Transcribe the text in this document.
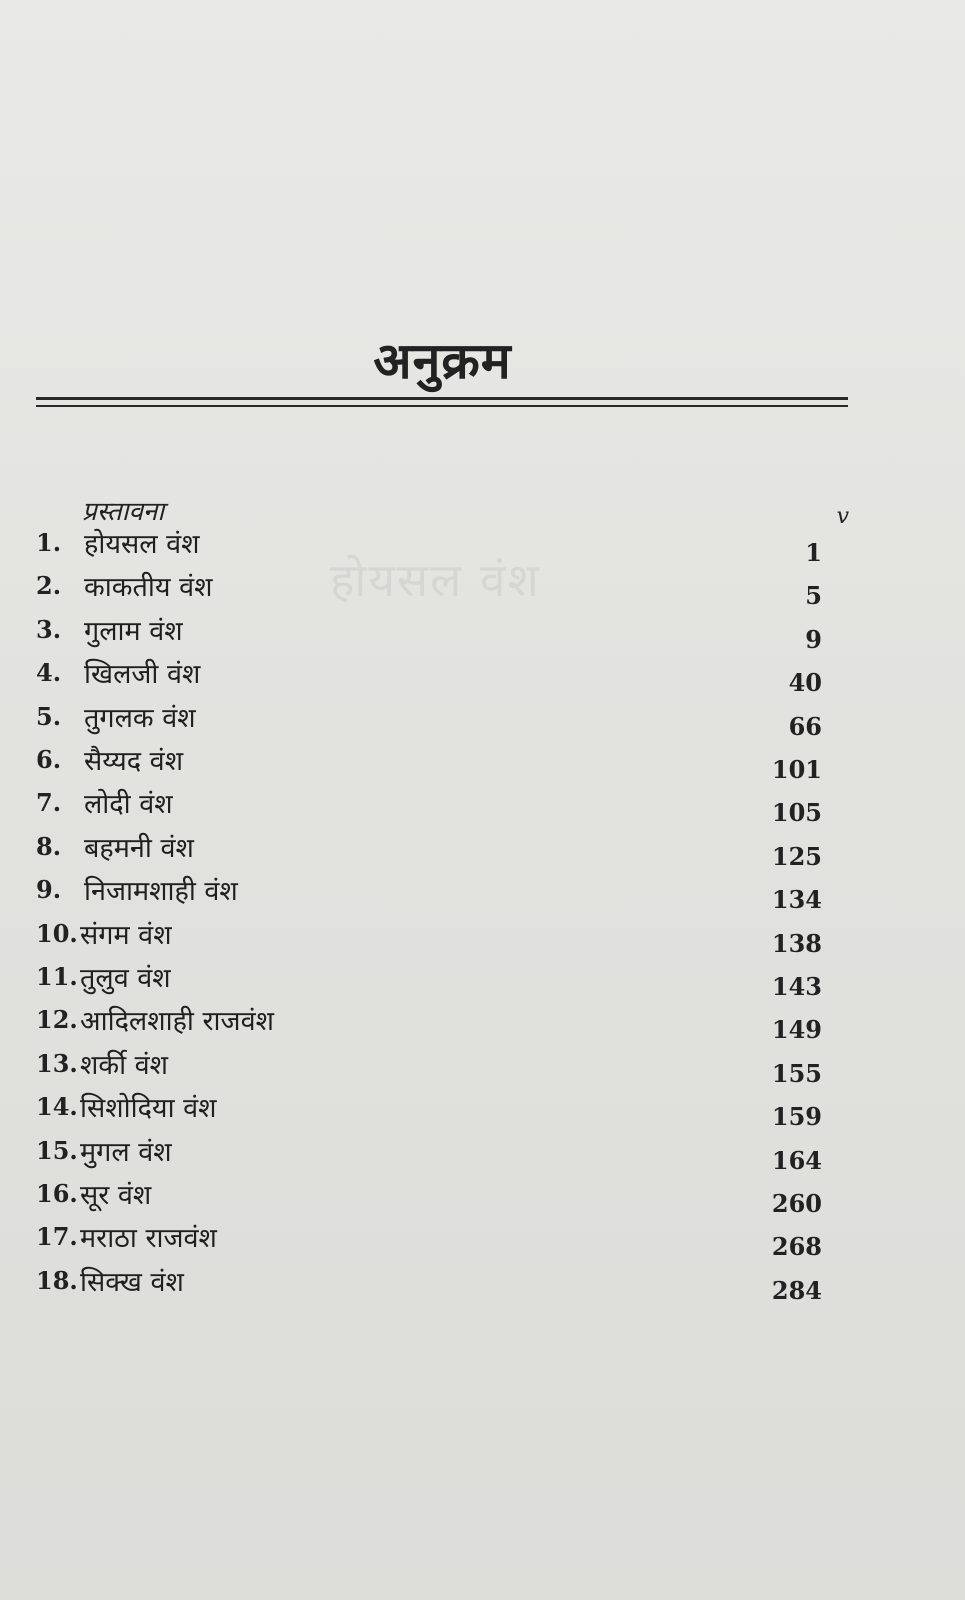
होयसल वंश
अनुक्रम
प्रस्तावना	v
1. होयसल वंश	1
2. काकतीय वंश	5
3. गुलाम वंश	9
4. खिलजी वंश	40
5. तुगलक वंश	66
6. सैय्यद वंश	101
7. लोदी वंश	105
8. बहमनी वंश	125
9. निजामशाही वंश	134
10. संगम वंश	138
11. तुलुव वंश	143
12. आदिलशाही राजवंश	149
13. शर्की वंश	155
14. सिशोदिया वंश	159
15. मुगल वंश	164
16. सूर वंश	260
17. मराठा राजवंश	268
18. सिक्ख वंश	284
